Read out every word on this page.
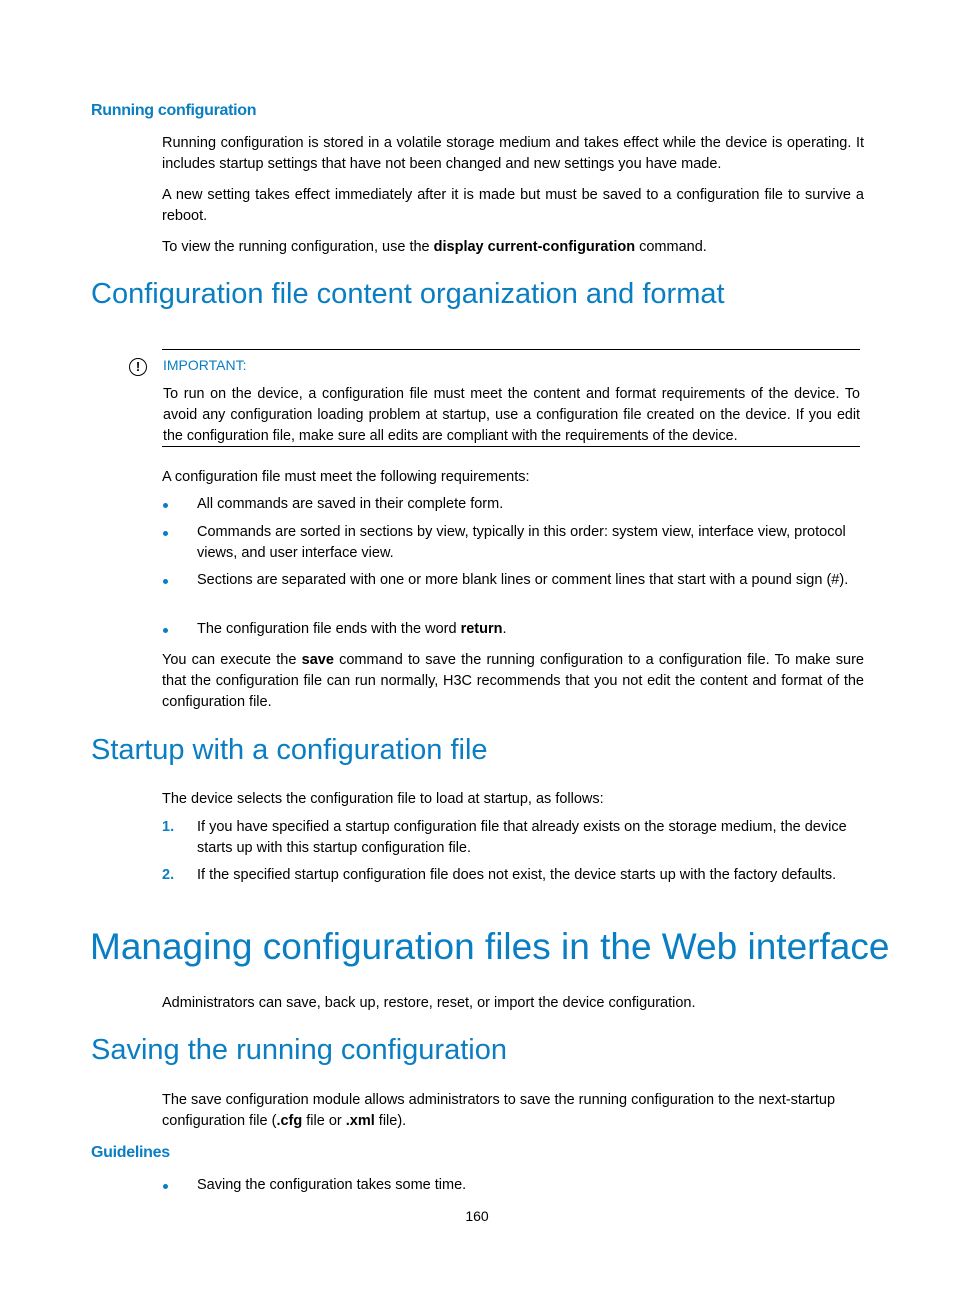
Running configuration

Running configuration is stored in a volatile storage medium and takes effect while the device is operating. It includes startup settings that have not been changed and new settings you have made.

A new setting takes effect immediately after it is made but must be saved to a configuration file to survive a reboot.

To view the running configuration, use the display current-configuration command.

Configuration file content organization and format
!	IMPORTANT:

To run on the device, a configuration file must meet the content and format requirements of the device. To avoid any configuration loading problem at startup, use a configuration file created on the device. If you edit the configuration file, make sure all edits are compliant with the requirements of the device.

A configuration file must meet the following requirements:

All commands are saved in their complete form.

Commands are sorted in sections by view, typically in this order: system view, interface view, protocol views, and user interface view.

Sections are separated with one or more blank lines or comment lines that start with a pound sign (#).

The configuration file ends with the word return.

You can execute the save command to save the running configuration to a configuration file. To make sure that the configuration file can run normally, H3C recommends that you not edit the content and format of the configuration file.

Startup with a configuration file

The device selects the configuration file to load at startup, as follows:

1. If you have specified a startup configuration file that already exists on the storage medium, the device starts up with this startup configuration file.

2. If the specified startup configuration file does not exist, the device starts up with the factory defaults.

Managing configuration files in the Web interface

Administrators can save, back up, restore, reset, or import the device configuration.

Saving the running configuration

The save configuration module allows administrators to save the running configuration to the next-startup configuration file (.cfg file or .xml file).

Guidelines

Saving the configuration takes some time.

160
